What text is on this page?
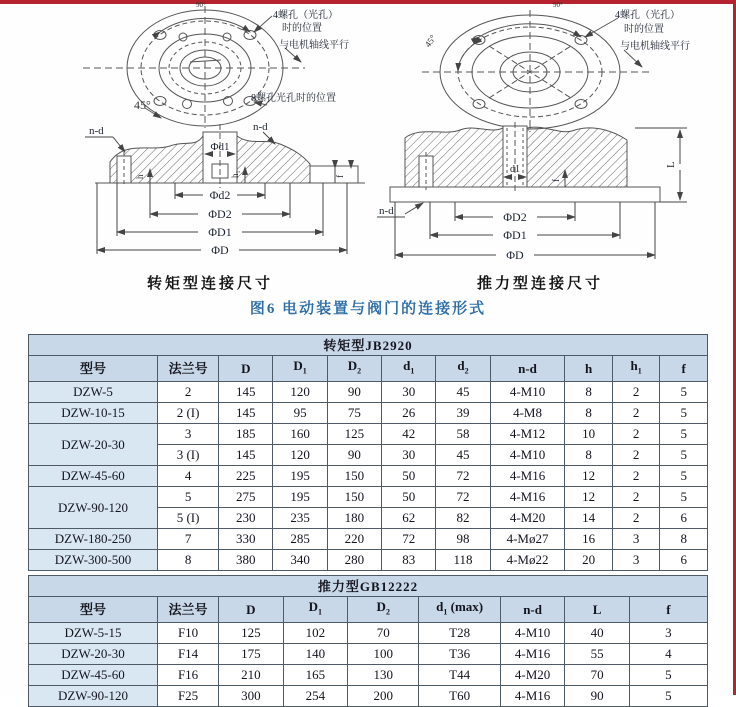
90°
45°
4螺孔（光孔）
时的位置
与电机轴线平行
8螺孔光孔时的位置
90°
45°
4螺孔（光孔）
时的位置
与电机轴线平行
n-d	n-d
Φd1
Φd2
ΦD2
ΦD1
ΦD
h	h₁	f
n-d
d1
ΦD2
ΦD1
ΦD
L
f
转矩型连接尺寸	推力型连接尺寸
图6 电动装置与阀门的连接形式
转矩型JB2920										
型号	法兰号	D	$D_1$	$D_2$	$d_1$	$d_2$	n-d	h	$h_1$	f
DZW-5	2	145	120	90	30	45	4-M10	8	2	5
DZW-10-15	2 (I)	145	95	75	26	39	4-M8	8	2	5
DZW-20-30	3	185	160	125	42	58	4-M12	10	2	5
	3 (I)	145	120	90	30	45	4-M10	8	2	5
DZW-45-60	4	225	195	150	50	72	4-M16	12	2	5
DZW-90-120	5	275	195	150	50	72	4-M16	12	2	5
	5 (I)	230	235	180	62	82	4-M20	14	2	6
DZW-180-250	7	330	285	220	72	98	4-Mø27	16	3	8
DZW-300-500	8	380	340	280	83	118	4-Mø22	20	3	6
推力型GB12222								
型号	法兰号	D	$D_1$	$D_2$	$d_1$ (max)	n-d	L	f
DZW-5-15	F10	125	102	70	T28	4-M10	40	3
DZW-20-30	F14	175	140	100	T36	4-M16	55	4
DZW-45-60	F16	210	165	130	T44	4-M20	70	5
DZW-90-120	F25	300	254	200	T60	4-M16	90	5
